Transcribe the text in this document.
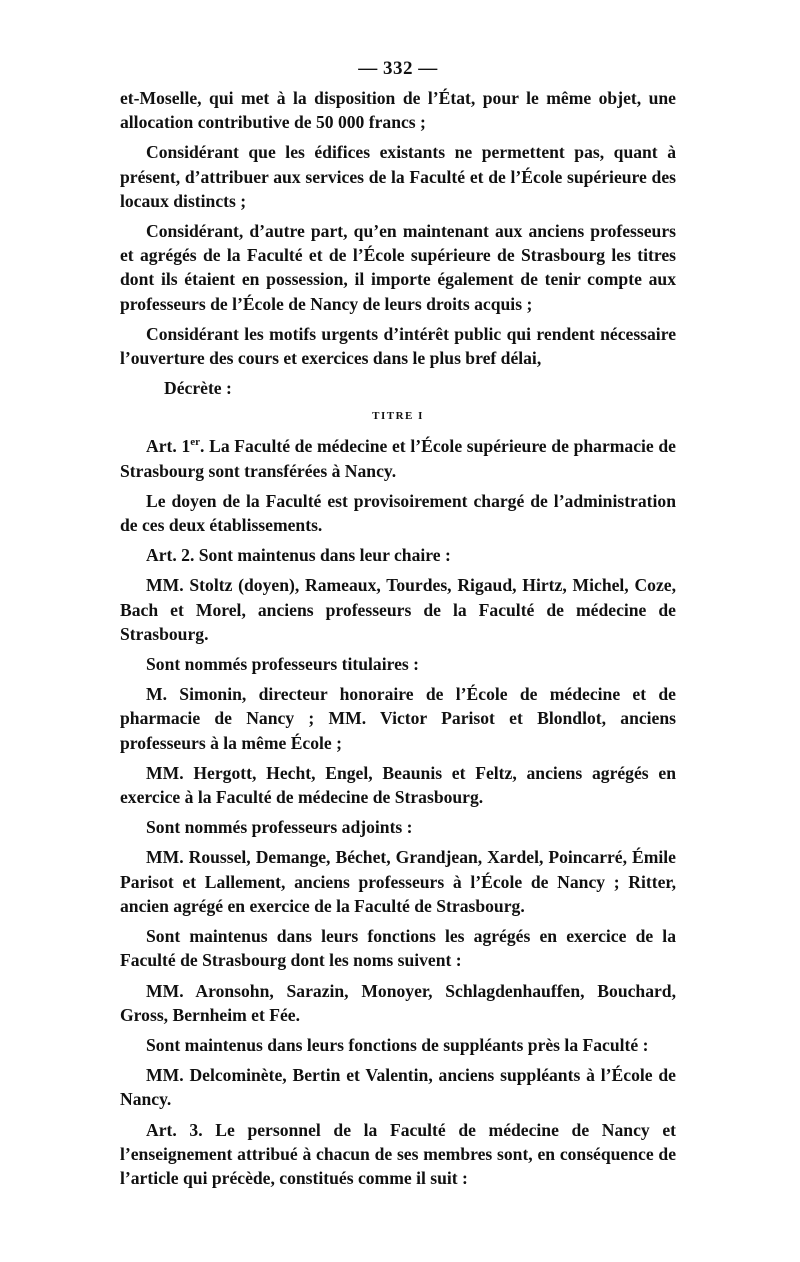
— 332 —

et-Moselle, qui met à la disposition de l’État, pour le même objet, une allocation contributive de 50 000 francs ;

Considérant que les édifices existants ne permettent pas, quant à présent, d’attribuer aux services de la Faculté et de l’École supérieure des locaux distincts ;

Considérant, d’autre part, qu’en maintenant aux anciens professeurs et agrégés de la Faculté et de l’École supérieure de Strasbourg les titres dont ils étaient en possession, il importe également de tenir compte aux professeurs de l’École de Nancy de leurs droits acquis ;

Considérant les motifs urgents d’intérêt public qui rendent nécessaire l’ouverture des cours et exercices dans le plus bref délai,

Décrète :
TITRE I

Art. 1er. La Faculté de médecine et l’École supérieure de pharmacie de Strasbourg sont transférées à Nancy.

Le doyen de la Faculté est provisoirement chargé de l’administration de ces deux établissements.

Art. 2. Sont maintenus dans leur chaire :

MM. Stoltz (doyen), Rameaux, Tourdes, Rigaud, Hirtz, Michel, Coze, Bach et Morel, anciens professeurs de la Faculté de médecine de Strasbourg.

Sont nommés professeurs titulaires :

M. Simonin, directeur honoraire de l’École de médecine et de pharmacie de Nancy ; MM. Victor Parisot et Blondlot, anciens professeurs à la même École ;

MM. Hergott, Hecht, Engel, Beaunis et Feltz, anciens agrégés en exercice à la Faculté de médecine de Strasbourg.

Sont nommés professeurs adjoints :

MM. Roussel, Demange, Béchet, Grandjean, Xardel, Poincarré, Émile Parisot et Lallement, anciens professeurs à l’École de Nancy ; Ritter, ancien agrégé en exercice de la Faculté de Strasbourg.

Sont maintenus dans leurs fonctions les agrégés en exercice de la Faculté de Strasbourg dont les noms suivent :

MM. Aronsohn, Sarazin, Monoyer, Schlagdenhauffen, Bouchard, Gross, Bernheim et Fée.

Sont maintenus dans leurs fonctions de suppléants près la Faculté :

MM. Delcominète, Bertin et Valentin, anciens suppléants à l’École de Nancy.

Art. 3. Le personnel de la Faculté de médecine de Nancy et l’enseignement attribué à chacun de ses membres sont, en conséquence de l’article qui précède, constitués comme il suit :
